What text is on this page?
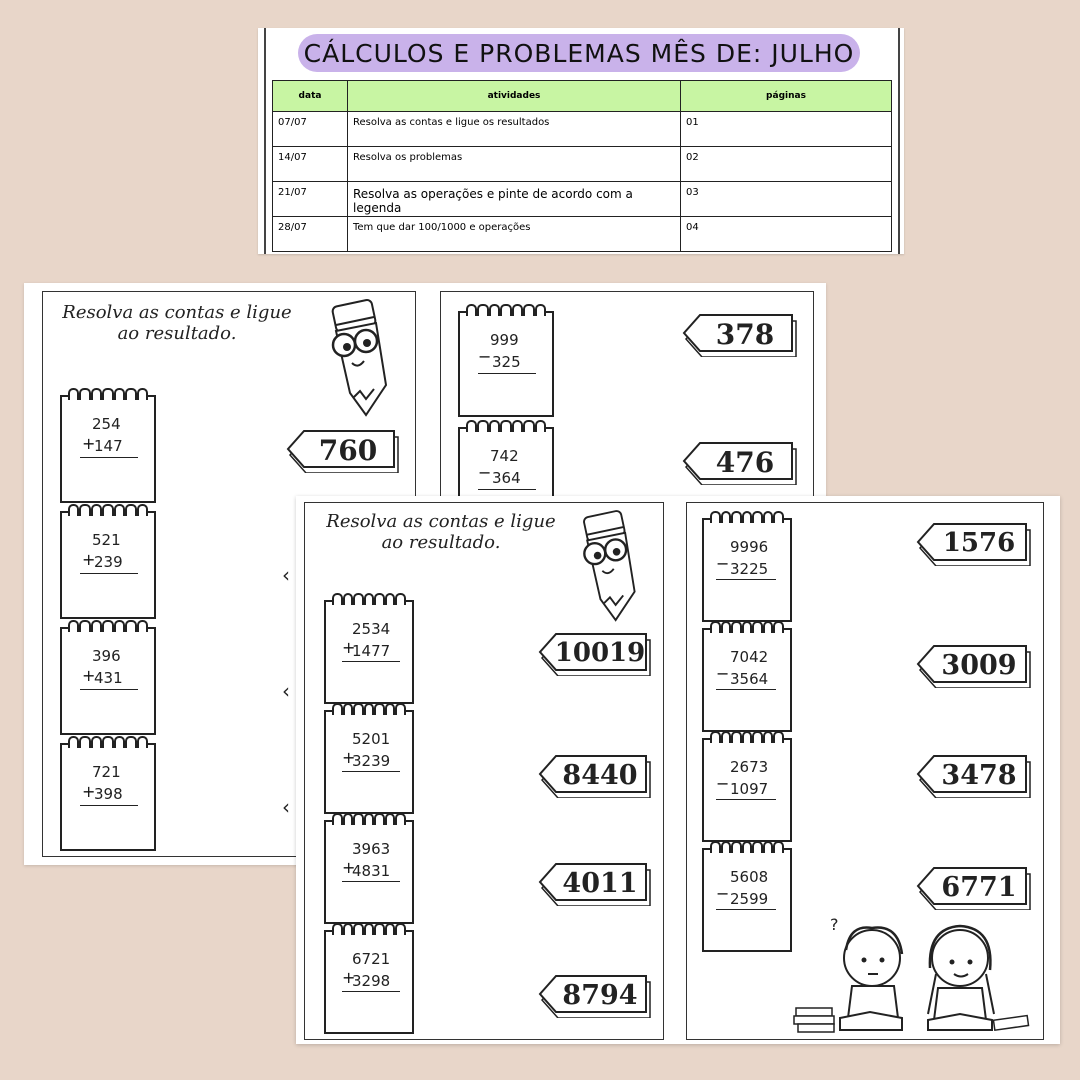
CÁLCULOS E PROBLEMAS MÊS DE: JULHO
data	atividades	páginas
07/07	Resolva as contas e ligue os resultados	01
14/07	Resolva os problemas	02
21/07	Resolva as operações e pinte de acordo com a legenda	03
28/07	Tem que dar 100/1000 e operações	04
Resolva as contas e ligue
ao resultado.
254
+
147
521
+
239
396
+
431
721
+
398
760
‹
‹
‹
999
− 325
742
− 364
378
476
Resolva as contas e ligue
ao resultado.
2534
+
1477
5201
+
3239
3963
+
4831
6721
+
3298
10019
8440
4011
8794
9996
− 3225
7042
− 3564
2673
− 1097
5608
− 2599
1576
3009
3478
6771
?
